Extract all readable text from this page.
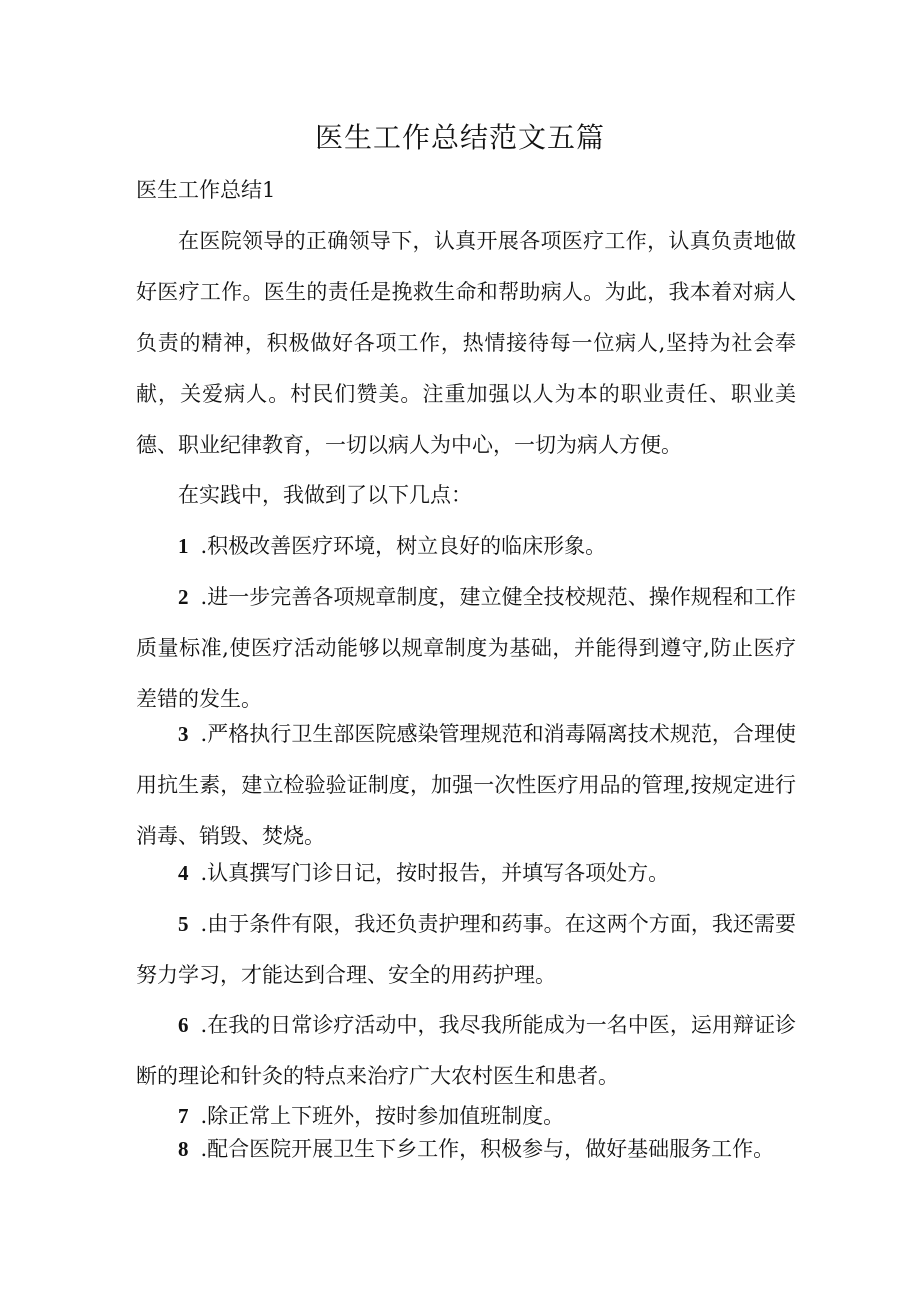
医生工作总结范文五篇
医生工作总结1
在医院领导的正确领导下，认真开展各项医疗工作，认真负责地做好医疗工作。医生的责任是挽救生命和帮助病人。为此，我本着对病人负责的精神，积极做好各项工作，热情接待每一位病人,坚持为社会奉献，关爱病人。村民们赞美。注重加强以人为本的职业责任、职业美德、职业纪律教育，一切以病人为中心，一切为病人方便。
在实践中，我做到了以下几点：
1 .积极改善医疗环境，树立良好的临床形象。
2 .进一步完善各项规章制度，建立健全技校规范、操作规程和工作质量标准,使医疗活动能够以规章制度为基础，并能得到遵守,防止医疗差错的发生。
3 .严格执行卫生部医院感染管理规范和消毒隔离技术规范，合理使用抗生素，建立检验验证制度，加强一次性医疗用品的管理,按规定进行消毒、销毁、焚烧。
4 .认真撰写门诊日记，按时报告，并填写各项处方。
5 .由于条件有限，我还负责护理和药事。在这两个方面，我还需要努力学习，才能达到合理、安全的用药护理。
6 .在我的日常诊疗活动中，我尽我所能成为一名中医，运用辩证诊断的理论和针灸的特点来治疗广大农村医生和患者。
7 .除正常上下班外，按时参加值班制度。
8 .配合医院开展卫生下乡工作，积极参与，做好基础服务工作。
